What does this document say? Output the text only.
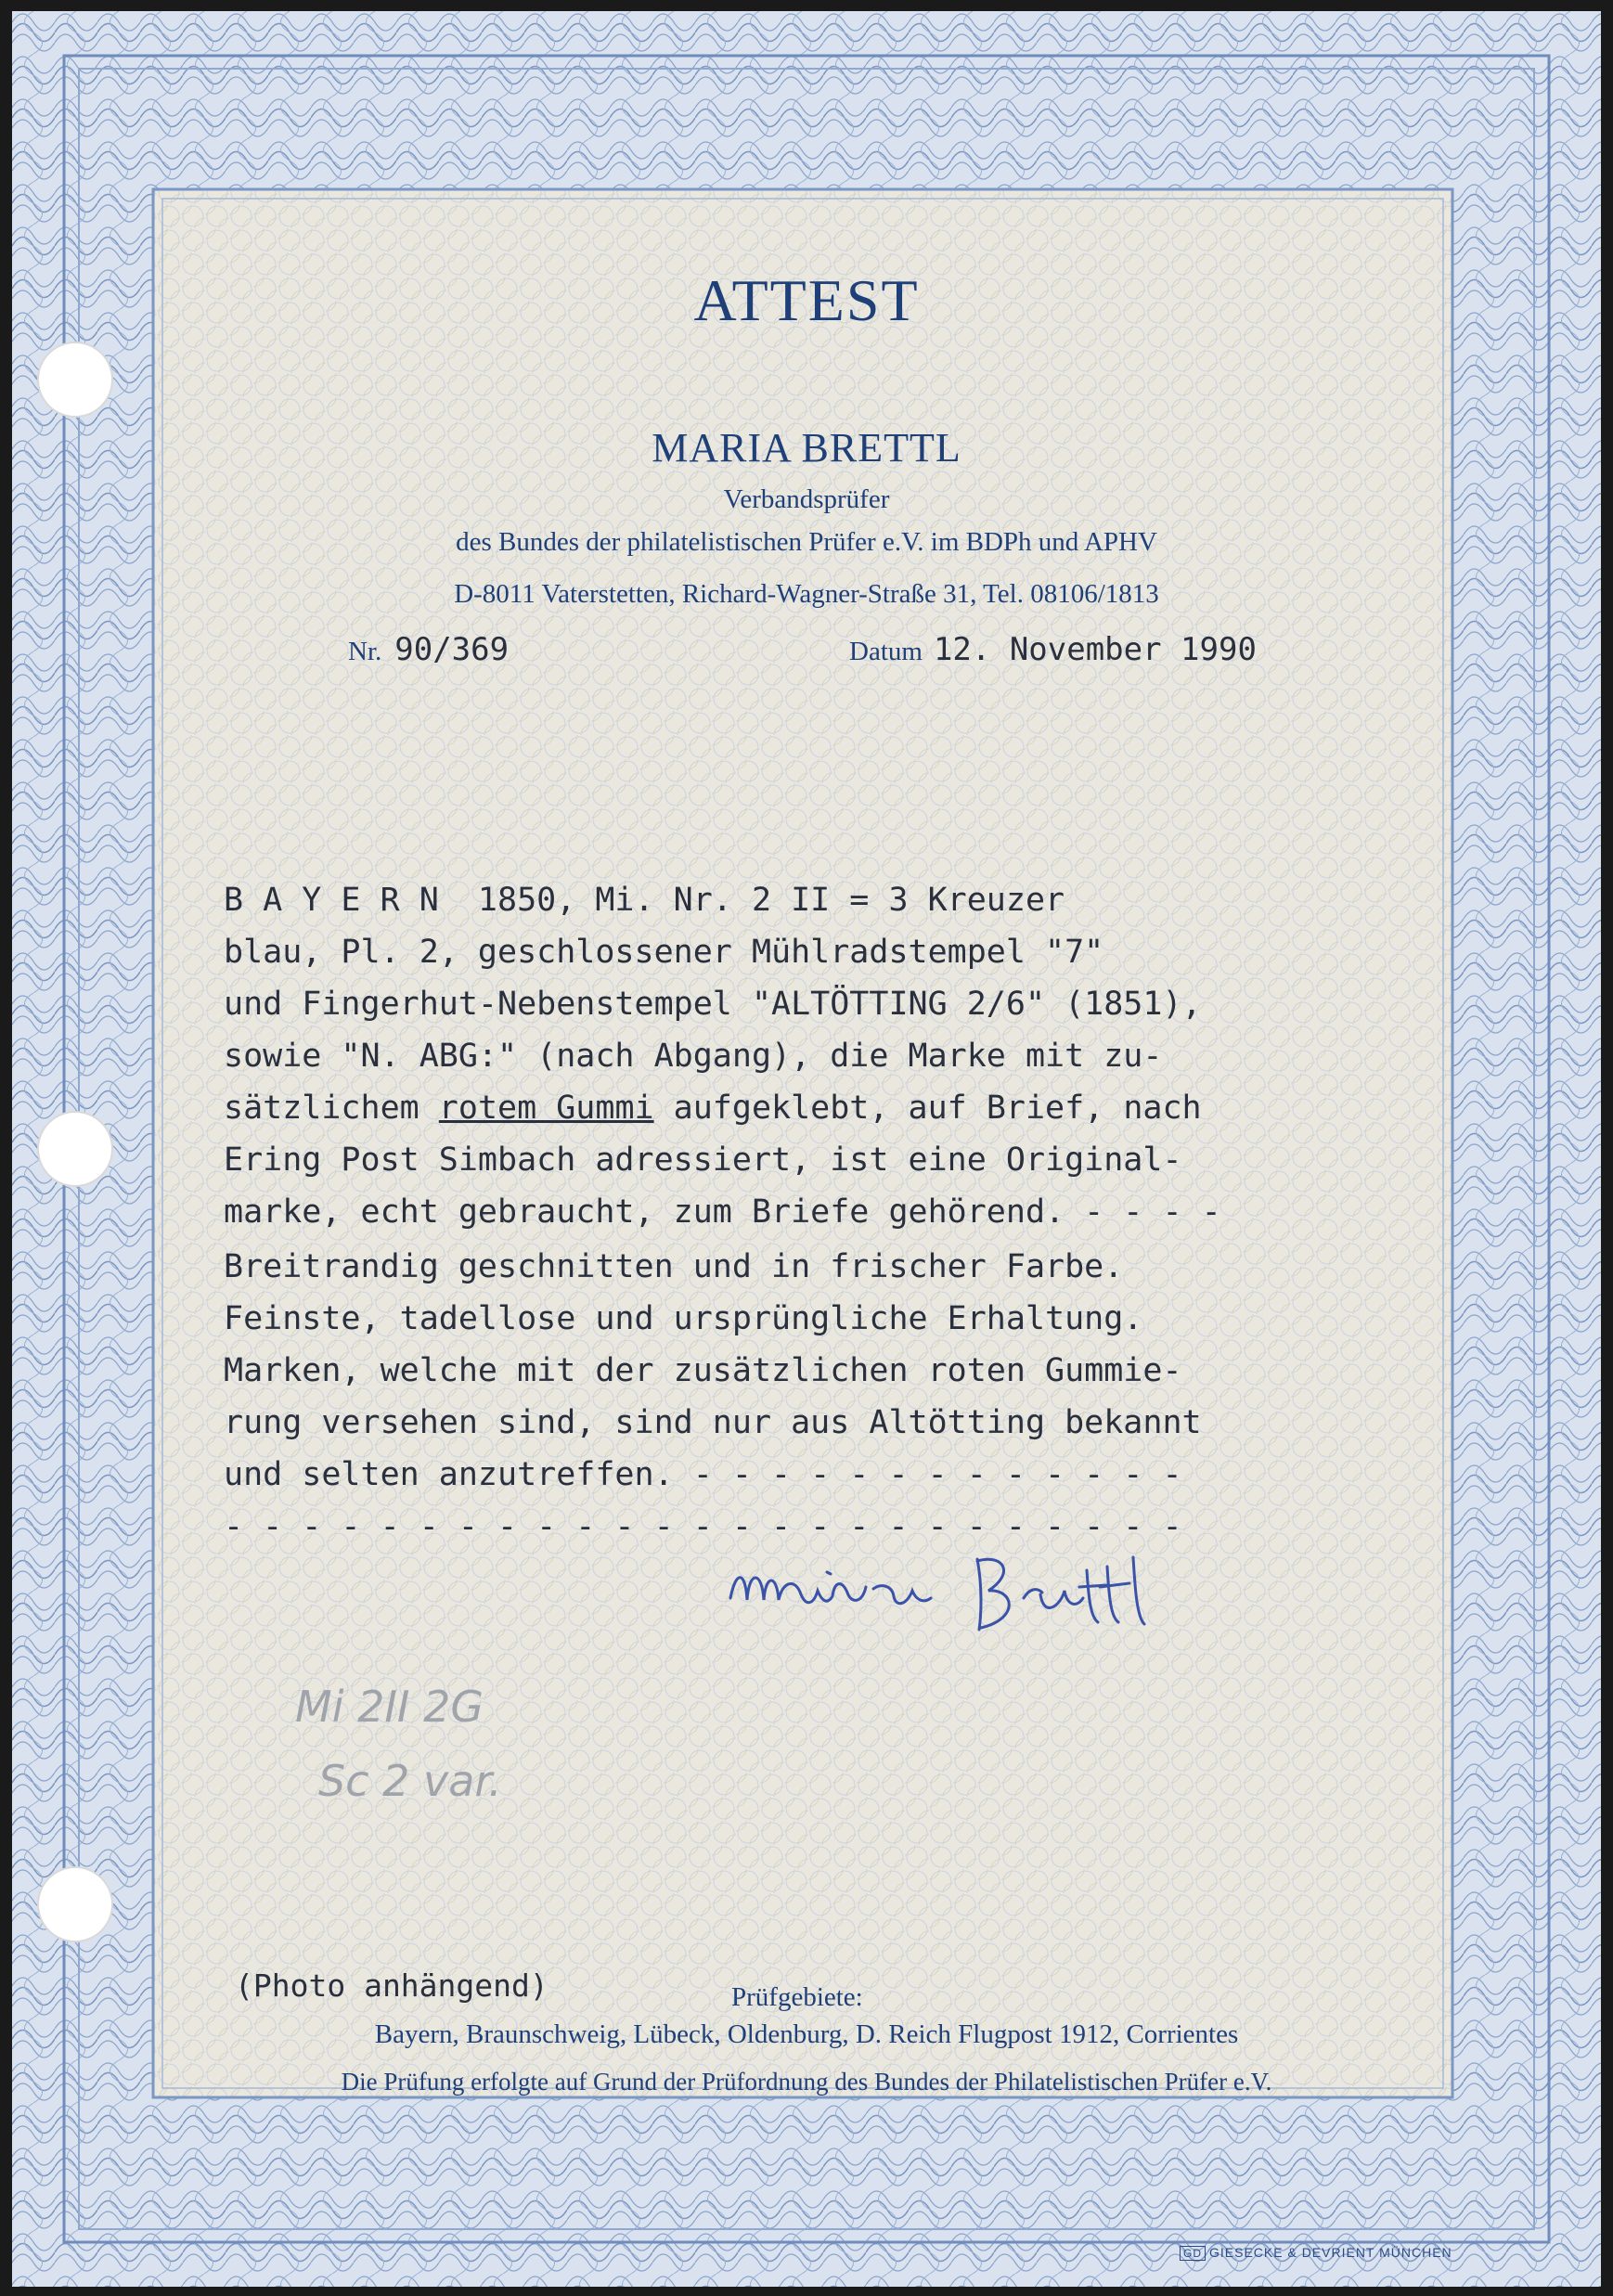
ATTEST
MARIA BRETTL
Verbandsprüfer
des Bundes der philatelistischen Prüfer e.V. im BDPh und APHV
D-8011 Vaterstetten, Richard-Wagner-Straße 31, Tel. 08106/1813
Nr. 90/369	Datum 12. November 1990
B A Y E R N  1850, Mi. Nr. 2 II = 3 Kreuzer
blau, Pl. 2, geschlossener Mühlradstempel "7"
und Fingerhut-Nebenstempel "ALTÖTTING 2/6" (1851),
sowie "N. ABG:" (nach Abgang), die Marke mit zu-
sätzlichem rotem Gummi aufgeklebt, auf Brief, nach
Ering Post Simbach adressiert, ist eine Original-
marke, echt gebraucht, zum Briefe gehörend. - - - -
Breitrandig geschnitten und in frischer Farbe.
Feinste, tadellose und ursprüngliche Erhaltung.
Marken, welche mit der zusätzlichen roten Gummie-
rung versehen sind, sind nur aus Altötting bekannt
und selten anzutreffen. - - - - - - - - - - - - -
- - - - - - - - - - - - - - - - - - - - - - - - -
Mi 2II 2G
Sc 2 var.
(Photo anhängend)	Prüfgebiete:
Bayern, Braunschweig, Lübeck, Oldenburg, D. Reich Flugpost 1912, Corrientes
Die Prüfung erfolgte auf Grund der Prüfordnung des Bundes der Philatelistischen Prüfer e.V.
GD GIESECKE & DEVRIENT MÜNCHEN
